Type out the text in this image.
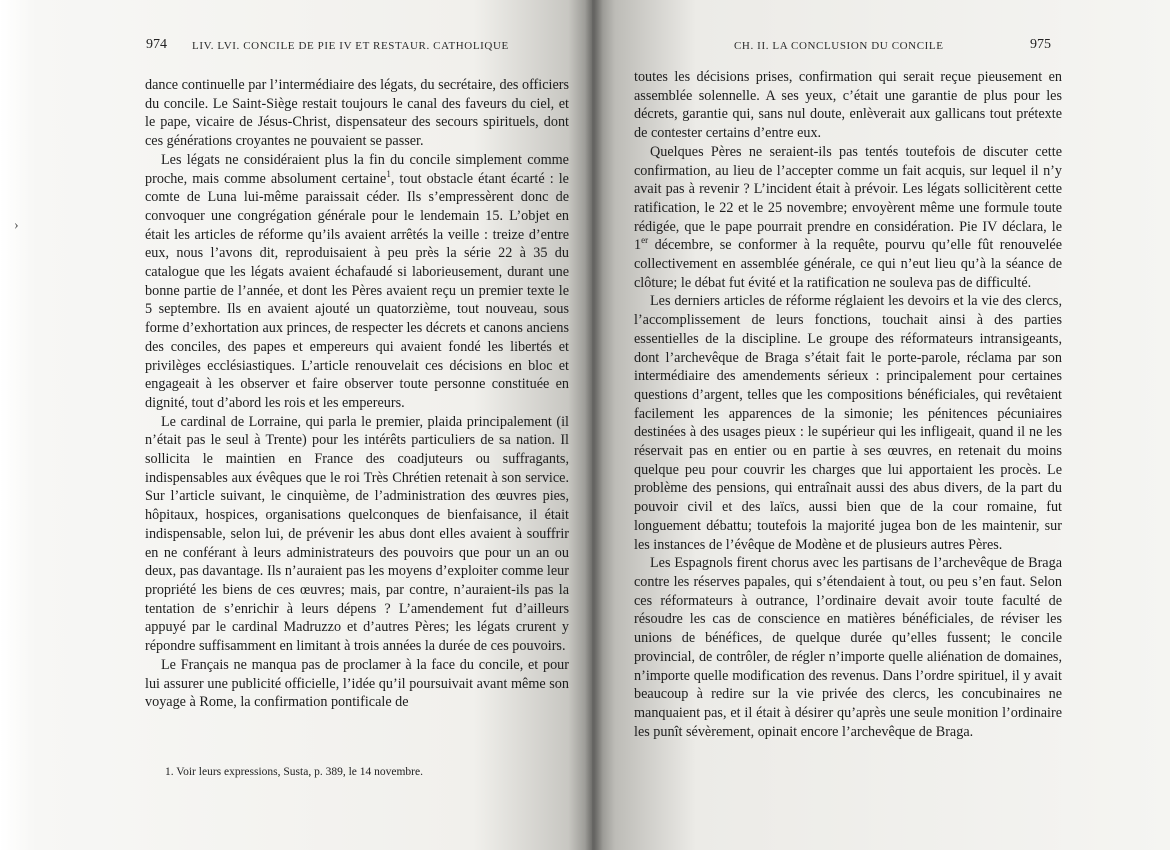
›
974 LIV. LVI. CONCILE DE PIE IV ET RESTAUR. CATHOLIQUE

dance continuelle par l’intermédiaire des légats, du secrétaire, des officiers du concile. Le Saint-Siège restait toujours le canal des faveurs du ciel, et le pape, vicaire de Jésus-Christ, dispensateur des secours spirituels, dont ces générations croyantes ne pouvaient se passer.

Les légats ne considéraient plus la fin du concile simplement comme proche, mais comme absolument certaine$^1$, tout obstacle étant écarté : le comte de Luna lui-même paraissait céder. Ils s’empressèrent donc de convoquer une congrégation générale pour le lendemain 15. L’objet en était les articles de réforme qu’ils avaient arrêtés la veille : treize d’entre eux, nous l’avons dit, reproduisaient à peu près la série 22 à 35 du catalogue que les légats avaient échafaudé si laborieusement, durant une bonne partie de l’année, et dont les Pères avaient reçu un premier texte le 5 septembre. Ils en avaient ajouté un quatorzième, tout nouveau, sous forme d’exhortation aux princes, de respecter les décrets et canons anciens des conciles, des papes et empereurs qui avaient fondé les libertés et privilèges ecclésiastiques. L’article renouvelait ces décisions en bloc et engageait à les observer et faire observer toute personne constituée en dignité, tout d’abord les rois et les empereurs.

Le cardinal de Lorraine, qui parla le premier, plaida principalement (il n’était pas le seul à Trente) pour les intérêts particuliers de sa nation. Il sollicita le maintien en France des coadjuteurs ou suffragants, indispensables aux évêques que le roi Très Chrétien retenait à son service. Sur l’article suivant, le cinquième, de l’administration des œuvres pies, hôpitaux, hospices, organisations quelconques de bienfaisance, il était indispensable, selon lui, de prévenir les abus dont elles avaient à souffrir en ne conférant à leurs administrateurs des pouvoirs que pour un an ou deux, pas davantage. Ils n’auraient pas les moyens d’exploiter comme leur propriété les biens de ces œuvres; mais, par contre, n’auraient-ils pas la tentation de s’enrichir à leurs dépens ? L’amendement fut d’ailleurs appuyé par le cardinal Madruzzo et d’autres Pères; les légats crurent y répondre suffisamment en limitant à trois années la durée de ces pouvoirs.

Le Français ne manqua pas de proclamer à la face du concile, et pour lui assurer une publicité officielle, l’idée qu’il poursuivait avant même son voyage à Rome, la confirmation pontificale de

1. Voir leurs expressions, Susta, p. 389, le 14 novembre.
CH. II. LA CONCLUSION DU CONCILE	975

toutes les décisions prises, confirmation qui serait reçue pieusement en assemblée solennelle. A ses yeux, c’était une garantie de plus pour les décrets, garantie qui, sans nul doute, enlèverait aux gallicans tout prétexte de contester certains d’entre eux.

Quelques Pères ne seraient-ils pas tentés toutefois de discuter cette confirmation, au lieu de l’accepter comme un fait acquis, sur lequel il n’y avait pas à revenir ? L’incident était à prévoir. Les légats sollicitèrent cette ratification, le 22 et le 25 novembre; envoyèrent même une formule toute rédigée, que le pape pourrait prendre en considération. Pie IV déclara, le 1er décembre, se conformer à la requête, pourvu qu’elle fût renouvelée collectivement en assemblée générale, ce qui n’eut lieu qu’à la séance de clôture; le débat fut évité et la ratification ne souleva pas de difficulté.

Les derniers articles de réforme réglaient les devoirs et la vie des clercs, l’accomplissement de leurs fonctions, touchait ainsi à des parties essentielles de la discipline. Le groupe des réformateurs intransigeants, dont l’archevêque de Braga s’était fait le porte-parole, réclama par son intermédiaire des amendements sérieux : principalement pour certaines questions d’argent, telles que les compositions bénéficiales, qui revêtaient facilement les apparences de la simonie; les pénitences pécuniaires destinées à des usages pieux : le supérieur qui les infligeait, quand il ne les réservait pas en entier ou en partie à ses œuvres, en retenait du moins quelque peu pour couvrir les charges que lui apportaient les procès. Le problème des pensions, qui entraînait aussi des abus divers, de la part du pouvoir civil et des laïcs, aussi bien que de la cour romaine, fut longuement débattu; toutefois la majorité jugea bon de les maintenir, sur les instances de l’évêque de Modène et de plusieurs autres Pères.

Les Espagnols firent chorus avec les partisans de l’archevêque de Braga contre les réserves papales, qui s’étendaient à tout, ou peu s’en faut. Selon ces réformateurs à outrance, l’ordinaire devait avoir toute faculté de résoudre les cas de conscience en matières bénéficiales, de réviser les unions de bénéfices, de quelque durée qu’elles fussent; le concile provincial, de contrôler, de régler n’importe quelle aliénation de domaines, n’importe quelle modification des revenus. Dans l’ordre spirituel, il y avait beaucoup à redire sur la vie privée des clercs, les concubinaires ne manquaient pas, et il était à désirer qu’après une seule monition l’ordinaire les punît sévèrement, opinait encore l’archevêque de Braga.
